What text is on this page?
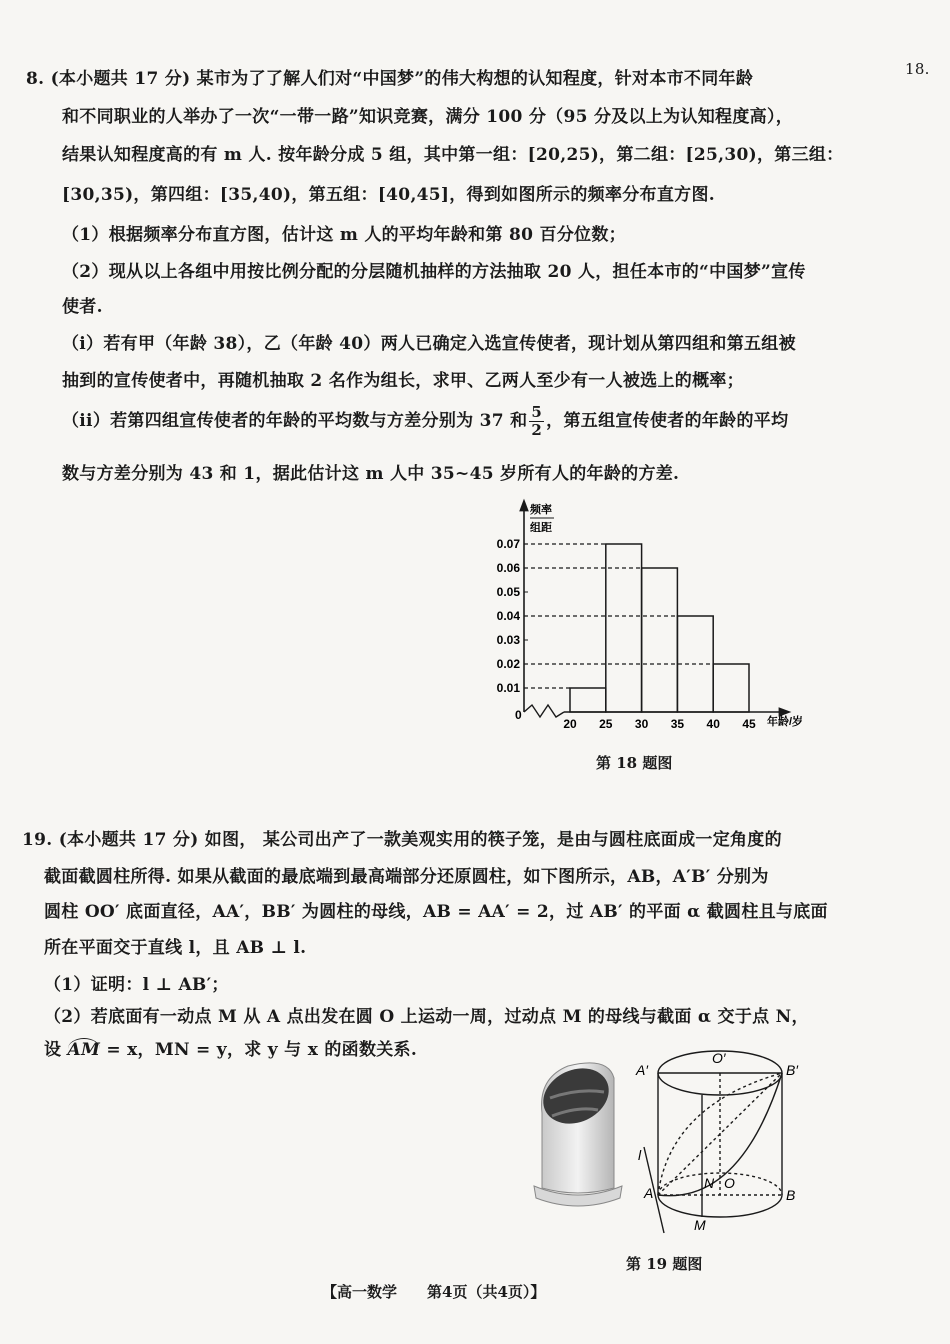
18.
8. (本小题共 17 分) 某市为了了解人们对“中国梦”的伟大构想的认知程度，针对本市不同年龄
和不同职业的人举办了一次“一带一路”知识竞赛，满分 100 分（95 分及以上为认知程度高），
结果认知程度高的有 m 人. 按年龄分成 5 组，其中第一组：[20,25)，第二组：[25,30)，第三组：
[30,35)，第四组：[35,40)，第五组：[40,45]，得到如图所示的频率分布直方图.
（1）根据频率分布直方图，估计这 m 人的平均年龄和第 80 百分位数；
（2）现从以上各组中用按比例分配的分层随机抽样的方法抽取 20 人，担任本市的“中国梦”宣传
使者.
（i）若有甲（年龄 38），乙（年龄 40）两人已确定入选宣传使者，现计划从第四组和第五组被
抽到的宣传使者中，再随机抽取 2 名作为组长，求甲、乙两人至少有一人被选上的概率；
（ii）若第四组宣传使者的年龄的平均数与方差分别为 37 和 $\frac{5}{2}$ ，第五组宣传使者的年龄的平均
数与方差分别为 43 和 1，据此估计这 m 人中 35~45 岁所有人的年龄的方差.
频率
组距
0	年龄/岁
0.01
0.02
0.03
0.04
0.05
0.06
0.07
20 25 30 35 40 45
第 18 题图
19. (本小题共 17 分) 如图， 某公司出产了一款美观实用的筷子笼，是由与圆柱底面成一定角度的
截面截圆柱所得. 如果从截面的最底端到最高端部分还原圆柱，如下图所示，AB，A′B′ 分别为
圆柱 OO′ 底面直径，AA′，BB′ 为圆柱的母线，AB = AA′ = 2，过 AB′ 的平面 α 截圆柱且与底面
所在平面交于直线 l，且 AB ⊥ l.
（1）证明：l ⊥ AB′；
（2）若底面有一动点 M 从 A 点出发在圆 O 上运动一周，过动点 M 的母线与截面 α 交于点 N，
设 AM = x，MN = y，求 y 与 x 的函数关系.
A′
O′
B′
l
N O
A	B
M
第 19 题图
【高一数学　　第4页（共4页）】
